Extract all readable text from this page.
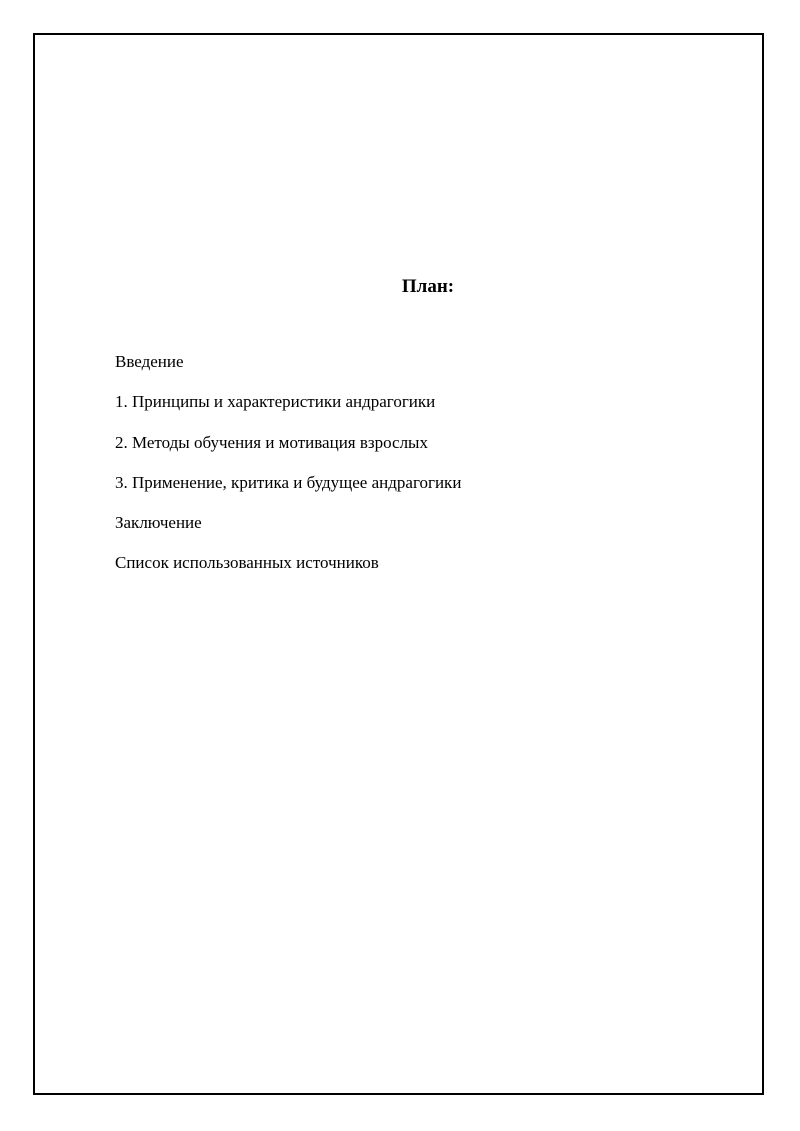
План:
Введение
1. Принципы и характеристики андрагогики
2. Методы обучения и мотивация взрослых
3. Применение, критика и будущее андрагогики
Заключение
Список использованных источников
